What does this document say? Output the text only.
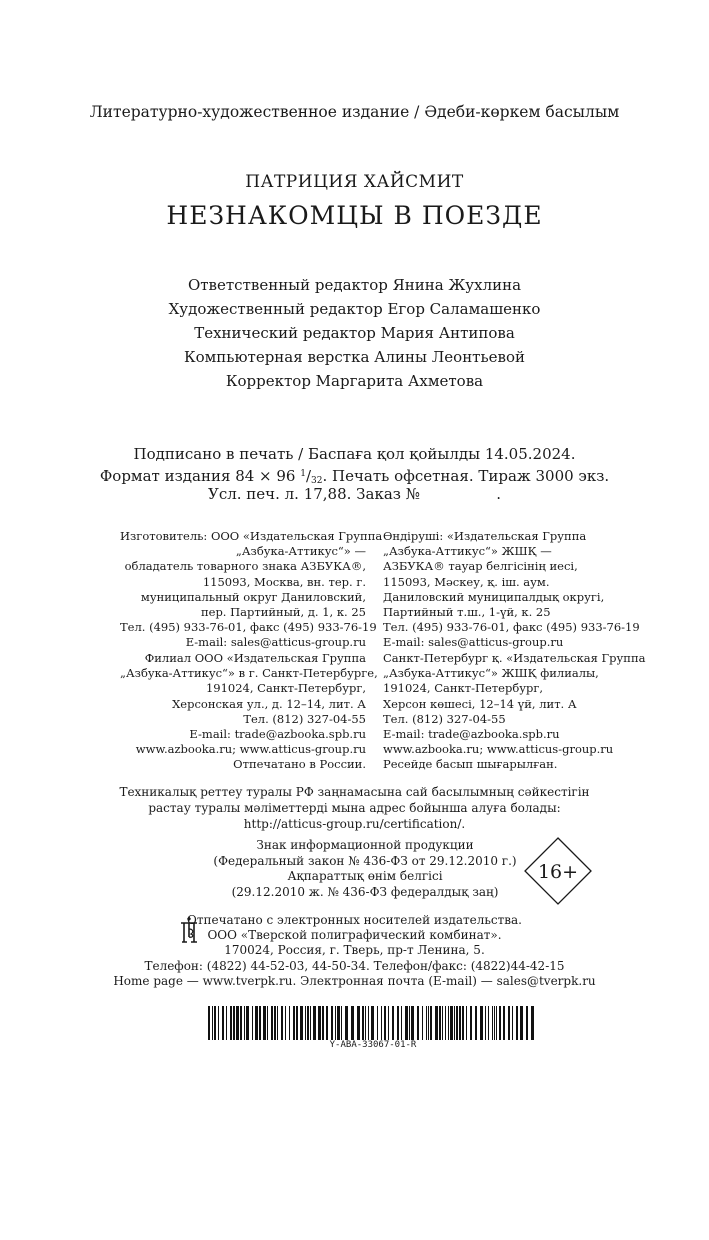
Литературно-художественное издание / Әдеби-көркем басылым
ПАТРИЦИЯ ХАЙСМИТ
НЕЗНАКОМЦЫ В ПОЕЗДЕ
Ответственный редактор Янина Жухлина
Художественный редактор Егор Саламашенко
Технический редактор Мария Антипова
Компьютерная верстка Алины Леонтьевой
Корректор Маргарита Ахметова
Подписано в печать / Баспаға қол қойылды 14.05.2024.
Формат издания 84 × 96 $^1/_{32}$. Печать офсетная. Тираж 3000 экз.
Усл. печ. л. 17,88. Заказ №                .
Изготовитель: ООО «Издательская Группа
„Азбука-Аттикус“» —
обладатель товарного знака АЗБУКА®,
115093, Москва, вн. тер. г.
муниципальный округ Даниловский,
пер. Партийный, д. 1, к. 25
Тел. (495) 933-76-01, факс (495) 933-76-19
E-mail: sales@atticus-group.ru
Өндіруші: «Издательская Группа
„Азбука-Аттикус“» ЖШҚ —
АЗБУКА® тауар белгісінің иесі,
115093, Мәскеу, қ. іш. аум.
Даниловский муниципалдық округі,
Партийный т.ш., 1-үй, к. 25
Тел. (495) 933-76-01, факс (495) 933-76-19
E-mail: sales@atticus-group.ru
Филиал ООО «Издательская Группа
„Азбука-Аттикус“» в г. Санкт-Петербурге,
191024, Санкт-Петербург,
Херсонская ул., д. 12–14, лит. А
Тел. (812) 327-04-55
E-mail: trade@azbooka.spb.ru
Санкт-Петербург қ. «Издательская Группа
„Азбука-Аттикус“» ЖШҚ филиалы,
191024, Санкт-Петербург,
Херсон көшесі, 12–14 үй, лит. А
Тел. (812) 327-04-55
E-mail: trade@azbooka.spb.ru
www.azbooka.ru; www.atticus-group.ru
Отпечатано в России.
www.azbooka.ru; www.atticus-group.ru
Ресейде басып шығарылған.
Техникалық реттеу туралы РФ заңнамасына сай басылымның сәйкестігін
растау туралы мәліметтерді мына адрес бойынша алуға болады:
http://atticus-group.ru/certification/.
Знак информационной продукции
(Федеральный закон № 436-ФЗ от 29.12.2010 г.)
Ақпараттық өнім белгісі
(29.12.2010 ж. № 436-ФЗ федералдық заң)
16+
Отпечатано с электронных носителей издательства.
ООО «Тверской полиграфический комбинат».
170024, Россия, г. Тверь, пр-т Ленина, 5.
Телефон: (4822) 44-52-03, 44-50-34. Телефон/факс: (4822)44-42-15
Home page — www.tverpk.ru. Электронная почта (E-mail) — sales@tverpk.ru
Y-ABA-33067-01-R
